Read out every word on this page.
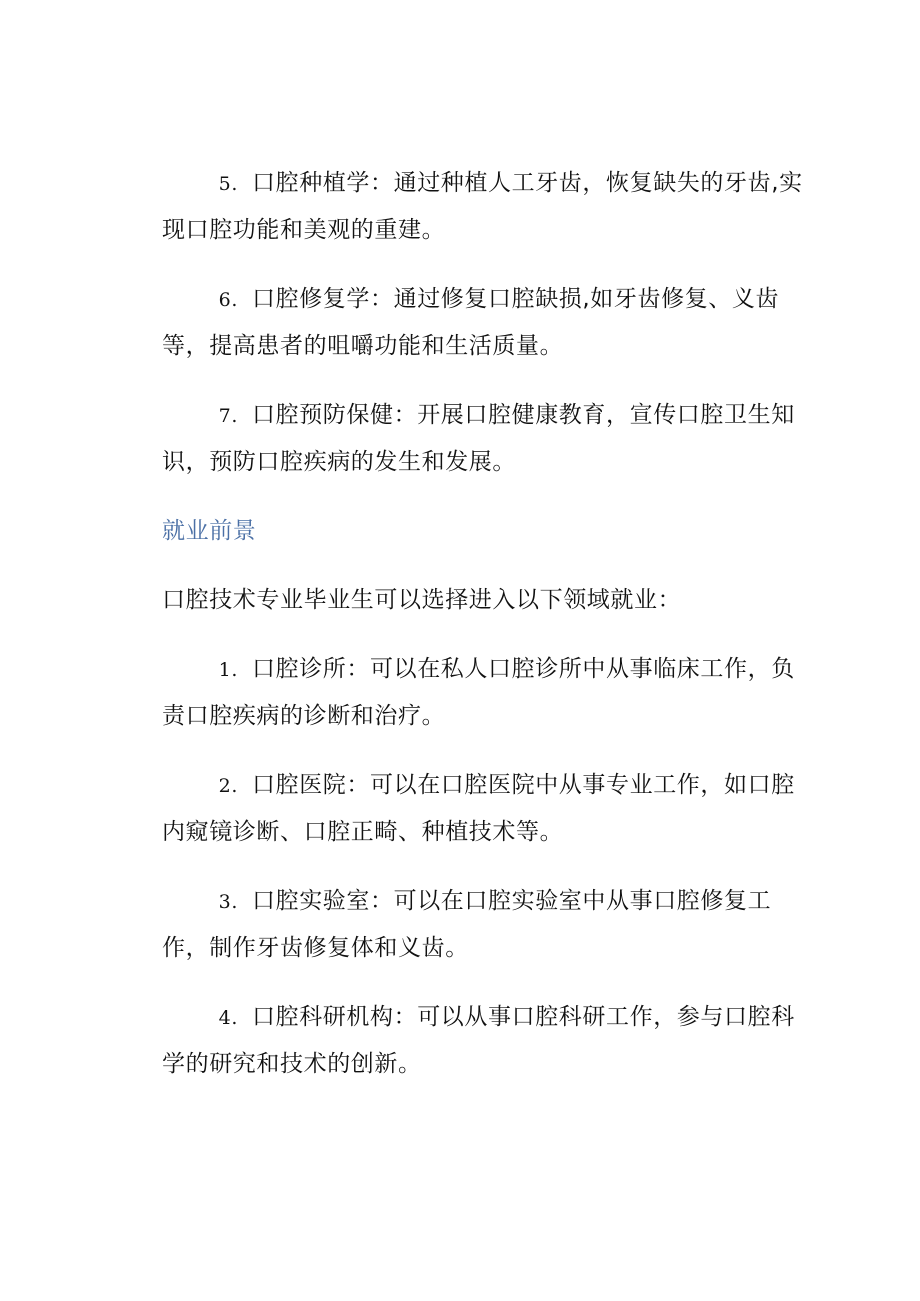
5. 口腔种植学：通过种植人工牙齿，恢复缺失的牙齿,实现口腔功能和美观的重建。

6. 口腔修复学：通过修复口腔缺损,如牙齿修复、义齿等，提高患者的咀嚼功能和生活质量。

7. 口腔预防保健：开展口腔健康教育，宣传口腔卫生知识，预防口腔疾病的发生和发展。

就业前景

口腔技术专业毕业生可以选择进入以下领域就业：

1. 口腔诊所：可以在私人口腔诊所中从事临床工作，负责口腔疾病的诊断和治疗。

2. 口腔医院：可以在口腔医院中从事专业工作，如口腔内窥镜诊断、口腔正畸、种植技术等。

3. 口腔实验室：可以在口腔实验室中从事口腔修复工作，制作牙齿修复体和义齿。

4. 口腔科研机构：可以从事口腔科研工作，参与口腔科学的研究和技术的创新。
